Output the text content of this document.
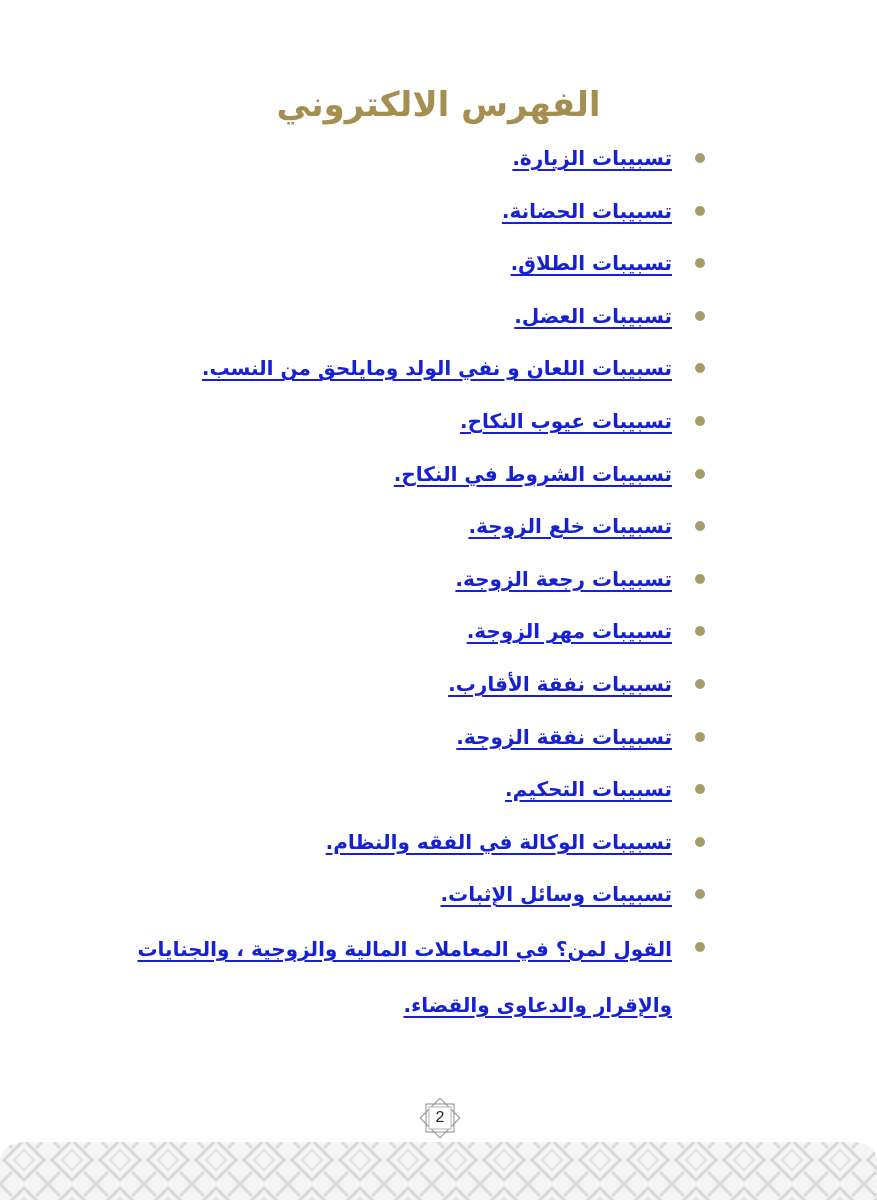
الفهرس الالكتروني
تسبيبات الزيارة.
تسبيبات الحضانة.
تسبيبات الطلاق.
تسبيبات العضل.
تسبيبات اللعان و نفي الولد ومايلحق من النسب.
تسبيبات عيوب النكاح.
تسبيبات الشروط في النكاح.
تسبيبات خلع الزوجة.
تسبيبات رجعة الزوجة.
تسبيبات مهر الزوجة.
تسبيبات نفقة الأقارب.
تسبيبات نفقة الزوجة.
تسبيبات التحكيم.
تسبيبات الوكالة في الفقه والنظام.
تسبيبات وسائل الإثبات.
القول لمن؟ في المعاملات المالية والزوجية ، والجنايات والإقرار والدعاوى والقضاء.
2
